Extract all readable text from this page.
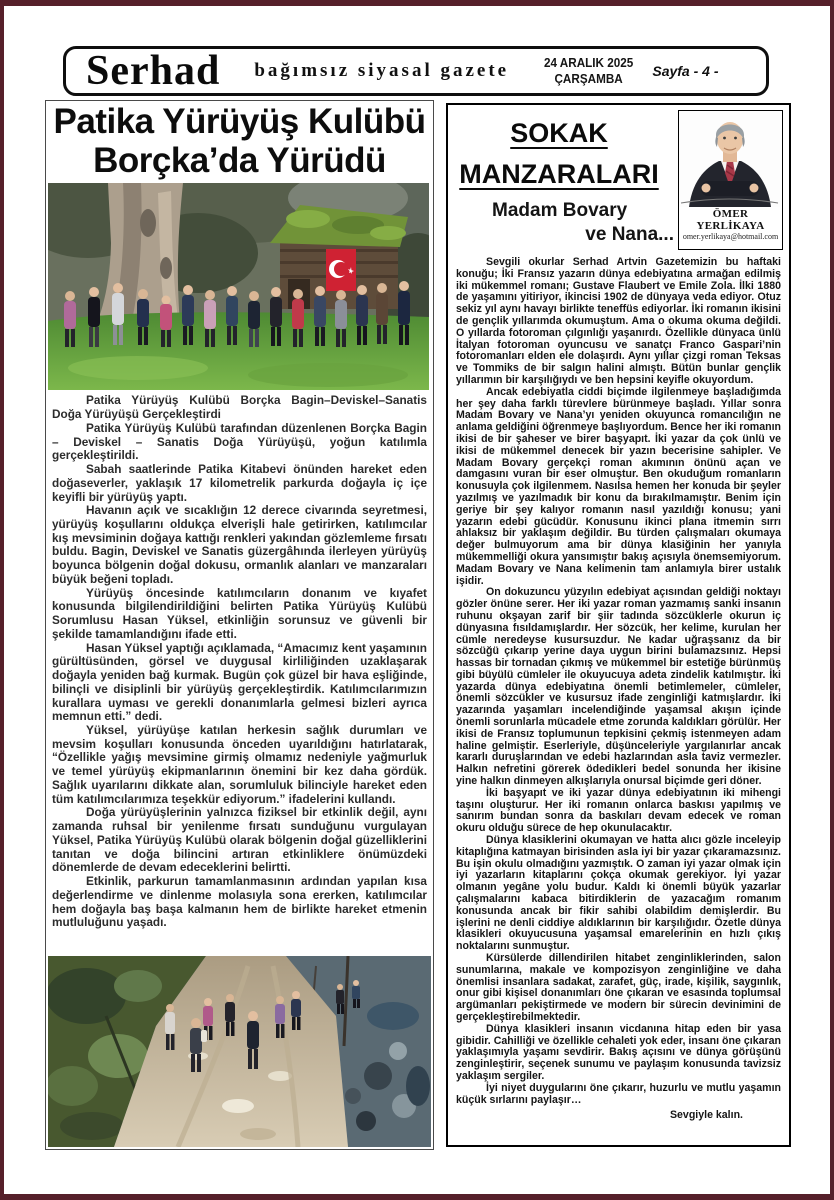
Serhad bağımsız siyasal gazete	24 ARALIK 2025
ÇARŞAMBA	Sayfa - 4 -
Patika Yürüyüş Kulübü
Borçka’da Yürüdü

Patika Yürüyüş Kulübü Borçka Bagin–Deviskel–Sanatis Doğa Yürüyüşü Gerçekleştirdi

Patika Yürüyüş Kulübü tarafından düzenlenen Borçka Bagin – Deviskel – Sanatis Doğa Yürüyüşü, yoğun katılımla gerçekleştirildi.

Sabah saatlerinde Patika Kitabevi önünden hareket eden doğaseverler, yaklaşık 17 kilometrelik parkurda doğayla iç içe keyifli bir yürüyüş yaptı.

Havanın açık ve sıcaklığın 12 derece civarında seyretmesi, yürüyüş koşullarını oldukça elverişli hale getirirken, katılımcılar kış mevsiminin doğaya kattığı renkleri yakından gözlemleme fırsatı buldu. Bagin, Deviskel ve Sanatis güzergâhında ilerleyen yürüyüş boyunca bölgenin doğal dokusu, ormanlık alanları ve manzaraları büyük beğeni topladı.

Yürüyüş öncesinde katılımcıların donanım ve kıyafet konusunda bilgilendirildiğini belirten Patika Yürüyüş Kulübü Sorumlusu Hasan Yüksel, etkinliğin sorunsuz ve güvenli bir şekilde tamamlandığını ifade etti.

Hasan Yüksel yaptığı açıklamada, “Amacımız kent yaşamının gürültüsünden, görsel ve duygusal kirliliğinden uzaklaşarak doğayla yeniden bağ kurmak. Bugün çok güzel bir hava eşliğinde, bilinçli ve disiplinli bir yürüyüş gerçekleştirdik. Katılımcılarımızın kurallara uyması ve gerekli donanımlarla gelmesi bizleri ayrıca memnun etti.” dedi.

Yüksel, yürüyüşe katılan herkesin sağlık durumları ve mevsim koşulları konusunda önceden uyarıldığını hatırlatarak, “Özellikle yağış mevsimine girmiş olmamız nedeniyle yağmurluk ve temel yürüyüş ekipmanlarının önemini bir kez daha gördük. Sağlık uyarılarını dikkate alan, sorumluluk bilinciyle hareket eden tüm katılımcılarımıza teşekkür ediyorum.” ifadelerini kullandı.

Doğa yürüyüşlerinin yalnızca fiziksel bir etkinlik değil, aynı zamanda ruhsal bir yenilenme fırsatı sunduğunu vurgulayan Yüksel, Patika Yürüyüş Kulübü olarak bölgenin doğal güzelliklerini tanıtan ve doğa bilincini artıran etkinliklere önümüzdeki dönemlerde de devam edeceklerini belirtti.

Etkinlik, parkurun tamamlanmasının ardından yapılan kısa değerlendirme ve dinlenme molasıyla sona ererken, katılımcılar hem doğayla baş başa kalmanın hem de birlikte hareket etmenin mutluluğunu yaşadı.

SOKAK
MANZARALARI
Madam Bovary
ve Nana...
ÖMER YERLİKAYA
omer.yerlikaya@hotmail.com

Sevgili okurlar Serhad Artvin Gazetemizin bu haftaki konuğu; İki Fransız yazarın dünya edebiyatına armağan edilmiş iki mükemmel romanı; Gustave Flaubert ve Emile Zola. İlki 1880 de yaşamını yitiriyor, ikincisi 1902 de dünyaya veda ediyor. Otuz sekiz yıl aynı havayı birlikte teneffüs ediyorlar. İki romanın ikisini de gençlik yıllarımda okumuştum. Ama o okuma okuma değildi. O yıllarda fotoroman çılgınlığı yaşanırdı. Özellikle dünyaca ünlü İtalyan fotoroman oyuncusu ve sanatçı Franco Gaspari’nin fotoromanları elden ele dolaşırdı. Aynı yıllar çizgi roman Teksas ve Tommiks de bir salgın halini almıştı. Bütün bunlar gençlik yıllarımın bir karşılığıydı ve ben hepsini keyifle okuyordum.

Ancak edebiyatla ciddi biçimde ilgilenmeye başladığımda her şey daha farklı türevlere bürünmeye başladı. Yıllar sonra Madam Bovary ve Nana’yı yeniden okuyunca romancılığın ne anlama geldiğini öğrenmeye başlıyordum. Bence her iki romanın ikisi de bir şaheser ve birer başyapıt. İki yazar da çok ünlü ve ikisi de mükemmel denecek bir yazın becerisine sahipler. Ve Madam Bovary gerçekçi roman akımının önünü açan ve damgasını vuran bir eser olmuştur. Ben okuduğum romanların konusuyla çok ilgilenmem. Nasılsa hemen her konuda bir şeyler yazılmış ve yazılmadık bir konu da bırakılmamıştır. Benim için geriye bir şey kalıyor romanın nasıl yazıldığı konusu; yani yazarın edebi gücüdür. Konusunu ikinci plana itmemin sırrı ahlaksız bir yaklaşım değildir. Bu türden çalışmaları okumaya değer bulmuyorum ama bir dünya klasiğinin her yanıyla mükemmelliği okura yansımıştır bakış açısıyla önemsemiyorum. Madam Bovary ve Nana kelimenin tam anlamıyla birer ustalık işidir.

On dokuzuncu yüzyılın edebiyat açısından geldiği noktayı gözler önüne serer. Her iki yazar roman yazmamış sanki insanın ruhunu okşayan zarif bir şiir tadında sözcüklerle okurun iç dünyasına fısıldamışlardır. Her sözcük, her kelime, kurulan her cümle neredeyse kusursuzdur. Ne kadar uğraşsanız da bir sözcüğü çıkarıp yerine daya uygun birini bulamazsınız. Hepsi hassas bir tornadan çıkmış ve mükemmel bir estetiğe bürünmüş gibi büyülü cümleler ile okuyucuya adeta zindelik katılmıştır. İki yazarda dünya edebiyatına önemli betimlemeler, cümleler, önemli sözcükler ve kusursuz ifade zenginliği katmışlardır. İki yazarında yaşamları incelendiğinde yaşamsal akışın içinde önemli sorunlarla mücadele etme zorunda kaldıkları görülür. Her ikisi de Fransız toplumunun tepkisini çekmiş istenmeyen adam haline gelmiştir. Eserleriyle, düşünceleriyle yargılanırlar ancak kararlı duruşlarından ve edebi hazlarından asla taviz vermezler. Halkın nefretini görerek ödedikleri bedel sonunda her ikisine yine halkın dinmeyen alkışlarıyla onursal biçimde geri döner.

İki başyapıt ve iki yazar dünya edebiyatının iki mihengi taşını oluşturur. Her iki romanın onlarca baskısı yapılmış ve sanırım bundan sonra da baskıları devam edecek ve roman okuru olduğu sürece de hep okunulacaktır.

Dünya klasiklerini okumayan ve hatta alıcı gözle inceleyip kitaplığına katmayan birisinden asla iyi bir yazar çıkaramazsınız. Bu işin okulu olmadığını yazmıştık. O zaman iyi yazar olmak için iyi yazarların kitaplarını çokça okumak gerekiyor. İyi yazar olmanın yegâne yolu budur. Kaldı ki önemli büyük yazarlar çalışmalarını kabaca bitirdiklerin de yazacağım romanım konusunda ancak bir fikir sahibi olabildim demişlerdir. Bu işlerini ne denli ciddiye aldıklarının bir karşılığıdır. Özetle dünya klasikleri okuyucusuna yaşamsal emarelerinin en hızlı çıkış noktalarını sunmuştur.

Kürsülerde dillendirilen hitabet zenginliklerinden, salon sunumlarına, makale ve kompozisyon zenginliğine ve daha önemlisi insanlara sadakat, zarafet, güç, irade, kişilik, saygınlık, onur gibi kişisel donanımları öne çıkaran ve esasında toplumsal argümanları pekiştirmede ve modern bir sürecin devinimini de gerçekleştirebilmektedir.

Dünya klasikleri insanın vicdanına hitap eden bir yasa gibidir. Cahilliği ve özellikle cehaleti yok eder, insanı öne çıkaran yaklaşımıyla yaşamı sevdirir. Bakış açısını ve dünya görüşünü zenginleştirir, seçenek sunumu ve paylaşım konusunda tavizsiz yaklaşım sergiler.

İyi niyet duygularını öne çıkarır, huzurlu ve mutlu yaşamın küçük sırlarını paylaşır…

Sevgiyle kalın.
